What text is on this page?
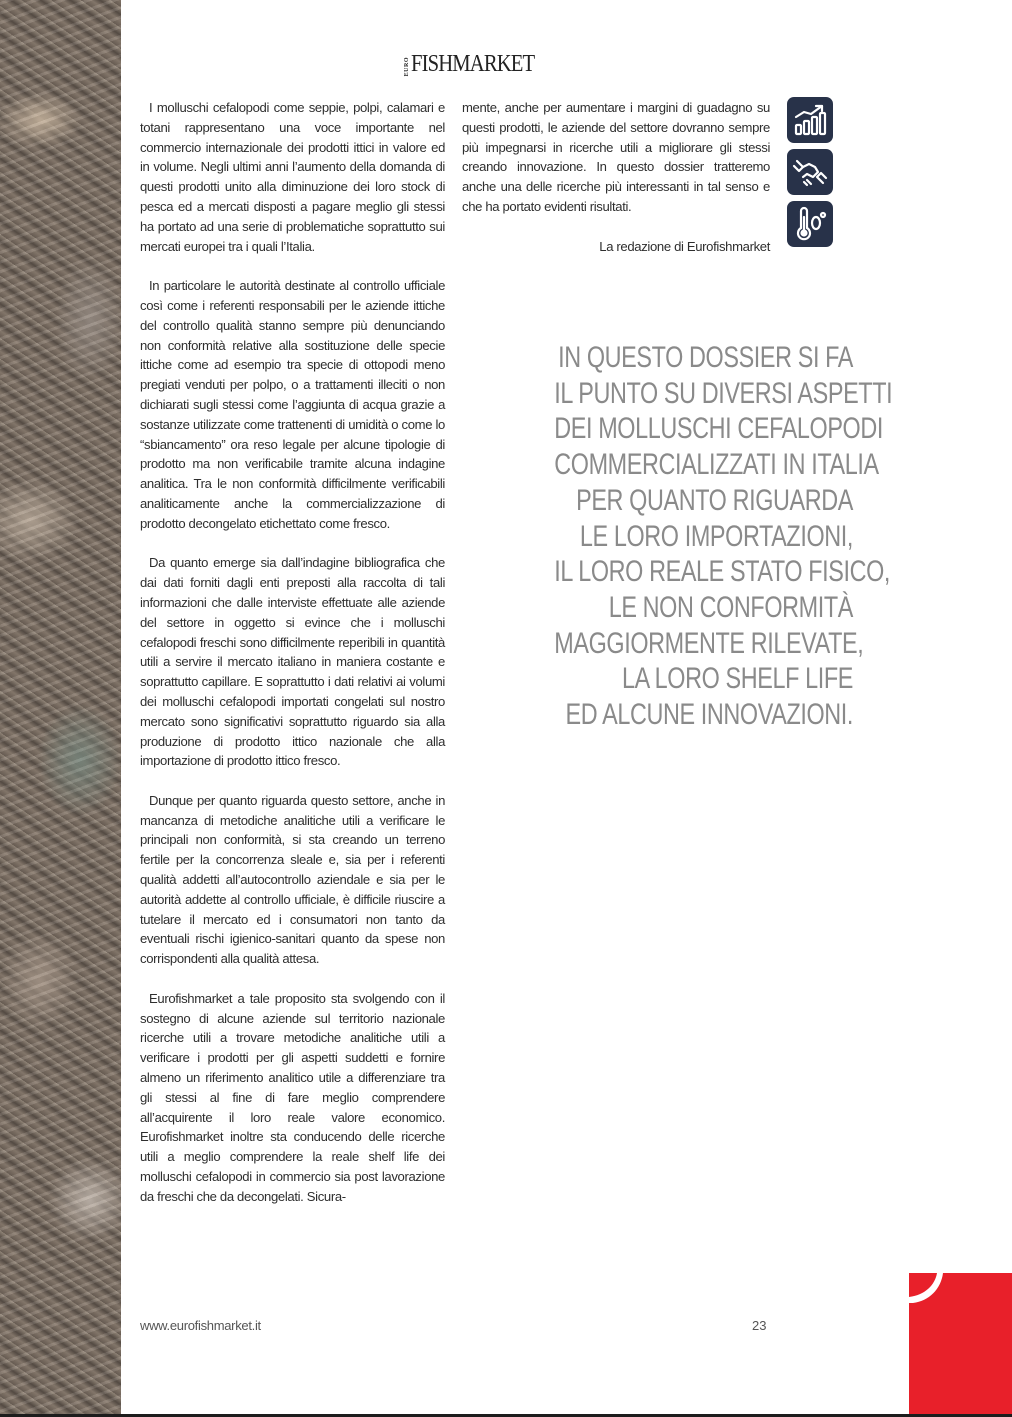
EURO FISHMARKET

I molluschi cefalopodi come seppie, polpi, calamari e totani rappresentano una voce importante nel commercio internazionale dei prodotti ittici in valore ed in volume. Negli ultimi anni l’aumento della domanda di questi prodotti unito alla diminuzione dei loro stock di pesca ed a mercati disposti a pagare meglio gli stessi ha portato ad una serie di problematiche soprattutto sui mercati europei tra i quali l’Italia.

In particolare le autorità destinate al controllo ufficiale così come i referenti responsabili per le aziende ittiche del controllo qualità stanno sempre più denunciando non conformità relative alla sostituzione delle specie ittiche come ad esempio tra specie di ottopodi meno pregiati venduti per polpo, o a trattamenti illeciti o non dichiarati sugli stessi come l’aggiunta di acqua grazie a sostanze utilizzate come trattenenti di umidità o come lo “sbiancamento” ora reso legale per alcune tipologie di prodotto ma non verificabile tramite alcuna indagine analitica. Tra le non conformità difficilmente verificabili analiticamente anche la commercializzazione di prodotto decongelato etichettato come fresco.

Da quanto emerge sia dall’indagine bibliografica che dai dati forniti dagli enti preposti alla raccolta di tali informazioni che dalle interviste effettuate alle aziende del settore in oggetto si evince che i molluschi cefalopodi freschi sono difficilmente reperibili in quantità utili a servire il mercato italiano in maniera costante e soprattutto capillare. E soprattutto i dati relativi ai volumi dei molluschi cefalopodi importati congelati sul nostro mercato sono significativi soprattutto riguardo sia alla produzione di prodotto ittico nazionale che alla importazione di prodotto ittico fresco.

Dunque per quanto riguarda questo settore, anche in mancanza di metodiche analitiche utili a verificare le principali non conformità, si sta creando un terreno fertile per la concorrenza sleale e, sia per i referenti qualità addetti all’autocontrollo aziendale e sia per le autorità addette al controllo ufficiale, è difficile riuscire a tutelare il mercato ed i consumatori non tanto da eventuali rischi igienico-sanitari quanto da spese non corrispondenti alla qualità attesa.

Eurofishmarket a tale proposito sta svolgendo con il sostegno di alcune aziende sul territorio nazionale ricerche utili a trovare metodiche analitiche utili a verificare i prodotti per gli aspetti suddetti e fornire almeno un riferimento analitico utile a differenziare tra gli stessi al fine di fare meglio comprendere all’acquirente il loro reale valore economico. Eurofishmarket inoltre sta conducendo delle ricerche utili a meglio comprendere la reale shelf life dei molluschi cefalopodi in commercio sia post lavorazione da freschi che da decongelati. Sicura-

mente, anche per aumentare i margini di guadagno su questi prodotti, le aziende del settore dovranno sempre più impegnarsi in ricerche utili a migliorare gli stessi creando innovazione. In questo dossier tratteremo anche una delle ricerche più interessanti in tal senso e che ha portato evidenti risultati.

La redazione di Eurofishmarket
IN QUESTO DOSSIER SI FA
IL PUNTO SU DIVERSI ASPETTI
DEI MOLLUSCHI CEFALOPODI
COMMERCIALIZZATI IN ITALIA
PER QUANTO RIGUARDA
LE LORO IMPORTAZIONI,
IL LORO REALE STATO FISICO,
LE NON CONFORMITÀ
MAGGIORMENTE RILEVATE,
LA LORO SHELF LIFE
ED ALCUNE INNOVAZIONI.
www.eurofishmarket.it	23
